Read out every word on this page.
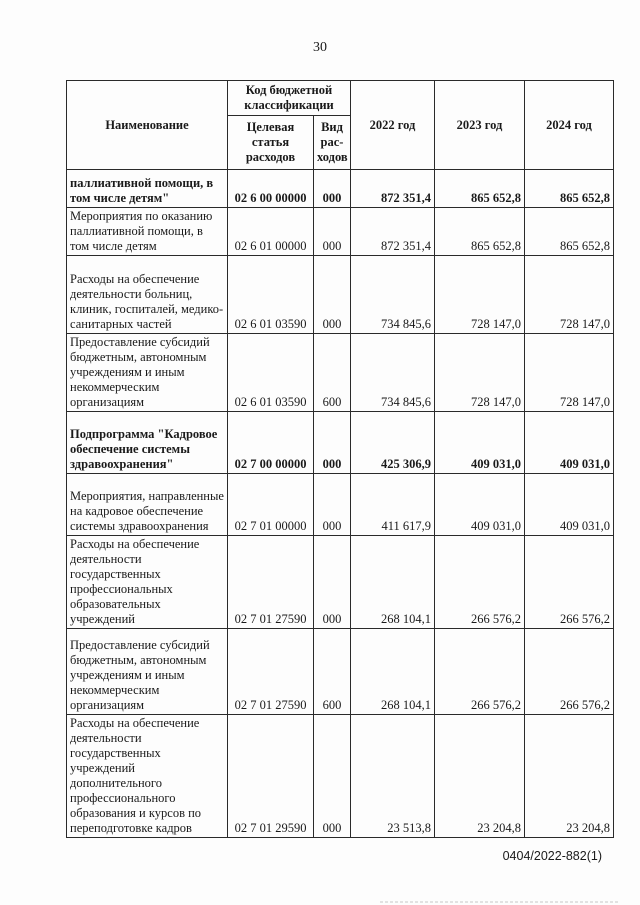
30
Наименование	Код бюджетной классификации		2022 год	2023 год	2024 год
	Целевая статья расходов	Вид рас-ходов			
паллиативной помощи, в том числе детям"	02 6 00 00000	000	872 351,4	865 652,8	865 652,8
Мероприятия по оказанию паллиативной помощи, в том числе детям	02 6 01 00000	000	872 351,4	865 652,8	865 652,8
Расходы на обеспечение деятельности больниц, клиник, госпиталей, медико-санитарных частей	02 6 01 03590	000	734 845,6	728 147,0	728 147,0
Предоставление субсидий бюджетным, автономным учреждениям и иным некоммерческим организациям	02 6 01 03590	600	734 845,6	728 147,0	728 147,0
Подпрограмма "Кадровое обеспечение системы здравоохранения"	02 7 00 00000	000	425 306,9	409 031,0	409 031,0
Мероприятия, направленные на кадровое обеспечение системы здравоохранения	02 7 01 00000	000	411 617,9	409 031,0	409 031,0
Расходы на обеспечение деятельности государственных профессиональных образовательных учреждений	02 7 01 27590	000	268 104,1	266 576,2	266 576,2
Предоставление субсидий бюджетным, автономным учреждениям и иным некоммерческим организациям	02 7 01 27590	600	268 104,1	266 576,2	266 576,2
Расходы на обеспечение деятельности государственных учреждений дополнительного профессионального образования и курсов по переподготовке кадров	02 7 01 29590	000	23 513,8	23 204,8	23 204,8
0404/2022-882(1)
